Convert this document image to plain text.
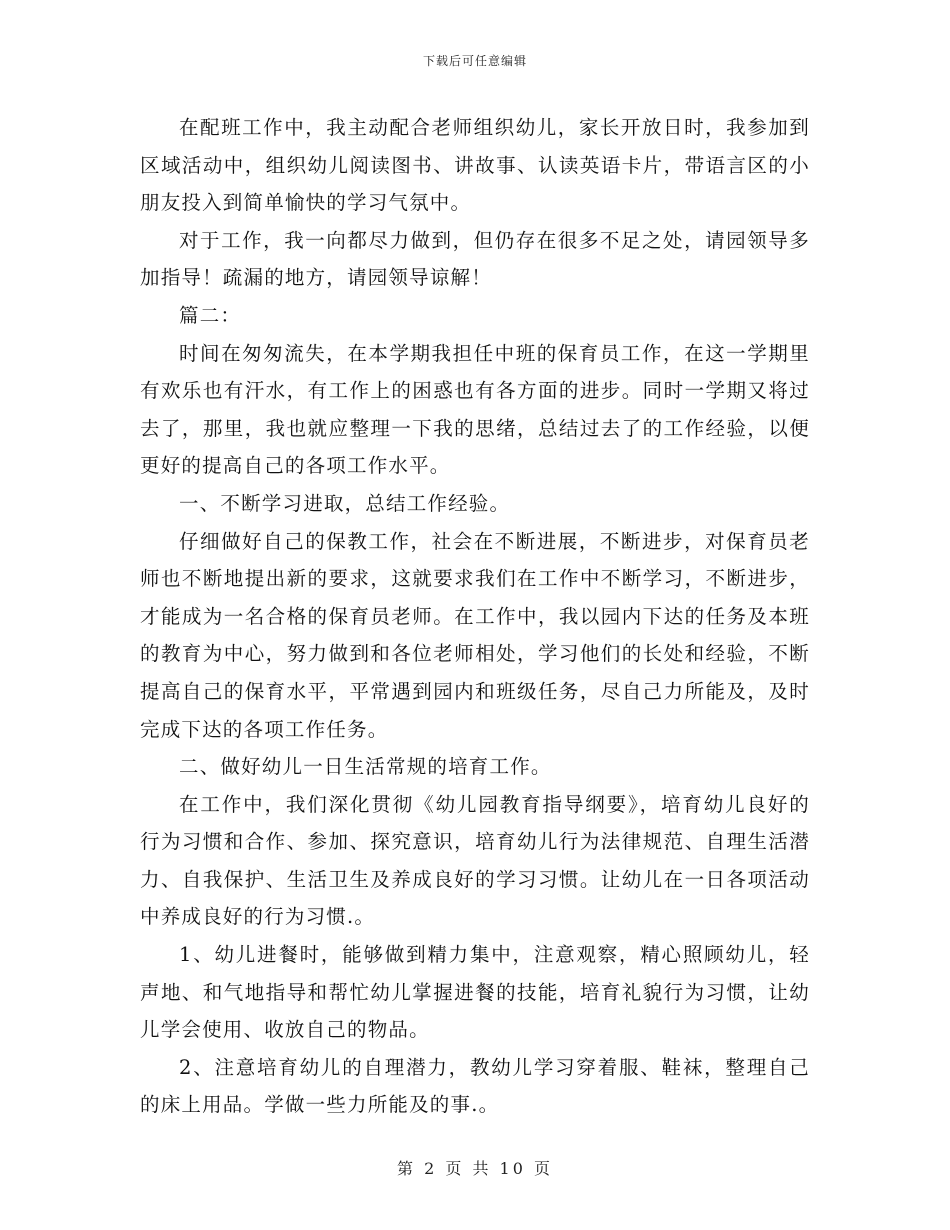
下载后可任意编辑

在配班工作中，我主动配合老师组织幼儿，家长开放日时，我参加到区域活动中，组织幼儿阅读图书、讲故事、认读英语卡片，带语言区的小朋友投入到简单愉快的学习气氛中。

对于工作，我一向都尽力做到，但仍存在很多不足之处，请园领导多加指导！疏漏的地方，请园领导谅解！

篇二：

时间在匆匆流失，在本学期我担任中班的保育员工作，在这一学期里有欢乐也有汗水，有工作上的困惑也有各方面的进步。同时一学期又将过去了，那里，我也就应整理一下我的思绪，总结过去了的工作经验，以便更好的提高自己的各项工作水平。

一、不断学习进取，总结工作经验。

仔细做好自己的保教工作，社会在不断进展，不断进步，对保育员老师也不断地提出新的要求，这就要求我们在工作中不断学习，不断进步，才能成为一名合格的保育员老师。在工作中，我以园内下达的任务及本班的教育为中心，努力做到和各位老师相处，学习他们的长处和经验，不断提高自己的保育水平，平常遇到园内和班级任务，尽自己力所能及，及时完成下达的各项工作任务。

二、做好幼儿一日生活常规的培育工作。

在工作中，我们深化贯彻《幼儿园教育指导纲要》，培育幼儿良好的行为习惯和合作、参加、探究意识，培育幼儿行为法律规范、自理生活潜力、自我保护、生活卫生及养成良好的学习习惯。让幼儿在一日各项活动中养成良好的行为习惯.。

1、幼儿进餐时，能够做到精力集中，注意观察，精心照顾幼儿，轻声地、和气地指导和帮忙幼儿掌握进餐的技能，培育礼貌行为习惯，让幼儿学会使用、收放自己的物品。

2、注意培育幼儿的自理潜力，教幼儿学习穿着服、鞋袜，整理自己的床上用品。学做一些力所能及的事.。

第 2 页 共 10 页
